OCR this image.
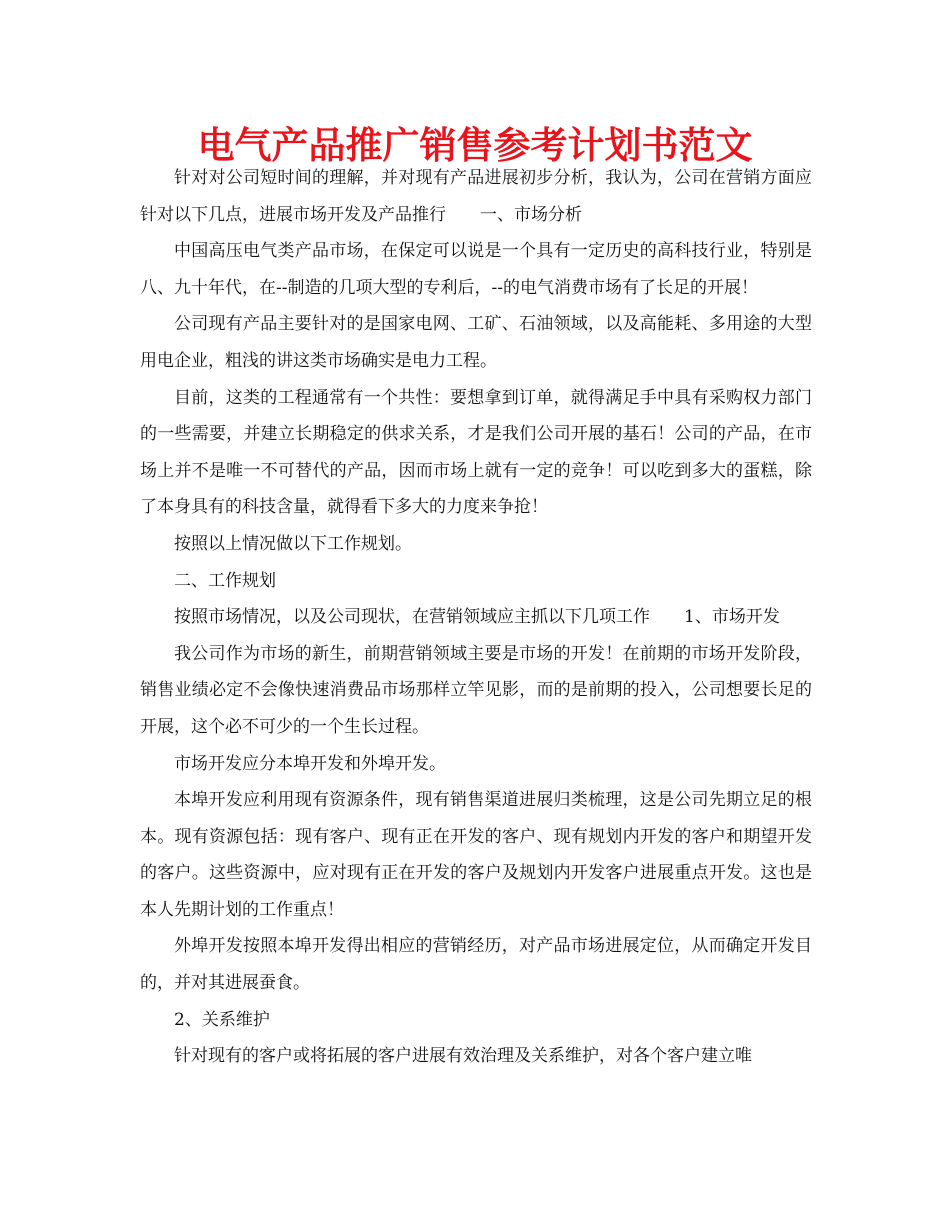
电气产品推广销售参考计划书范文

针对对公司短时间的理解，并对现有产品进展初步分析，我认为，公司在营销方面应针对以下几点，进展市场开发及产品推行　　一、市场分析

中国高压电气类产品市场，在保定可以说是一个具有一定历史的高科技行业，特别是八、九十年代，在--制造的几项大型的专利后，--的电气消费市场有了长足的开展！

公司现有产品主要针对的是国家电网、工矿、石油领域，以及高能耗、多用途的大型用电企业，粗浅的讲这类市场确实是电力工程。

目前，这类的工程通常有一个共性：要想拿到订单，就得满足手中具有采购权力部门的一些需要，并建立长期稳定的供求关系，才是我们公司开展的基石！公司的产品，在市场上并不是唯一不可替代的产品，因而市场上就有一定的竞争！可以吃到多大的蛋糕，除了本身具有的科技含量，就得看下多大的力度来争抢！

按照以上情况做以下工作规划。

二、工作规划

按照市场情况，以及公司现状，在营销领域应主抓以下几项工作　　1、市场开发

我公司作为市场的新生，前期营销领域主要是市场的开发！在前期的市场开发阶段，销售业绩必定不会像快速消费品市场那样立竿见影，而的是前期的投入，公司想要长足的开展，这个必不可少的一个生长过程。

市场开发应分本埠开发和外埠开发。

本埠开发应利用现有资源条件，现有销售渠道进展归类梳理，这是公司先期立足的根本。现有资源包括：现有客户、现有正在开发的客户、现有规划内开发的客户和期望开发的客户。这些资源中，应对现有正在开发的客户及规划内开发客户进展重点开发。这也是本人先期计划的工作重点！

外埠开发按照本埠开发得出相应的营销经历，对产品市场进展定位，从而确定开发目的，并对其进展蚕食。

2、关系维护

针对现有的客户或将拓展的客户进展有效治理及关系维护，对各个客户建立唯
